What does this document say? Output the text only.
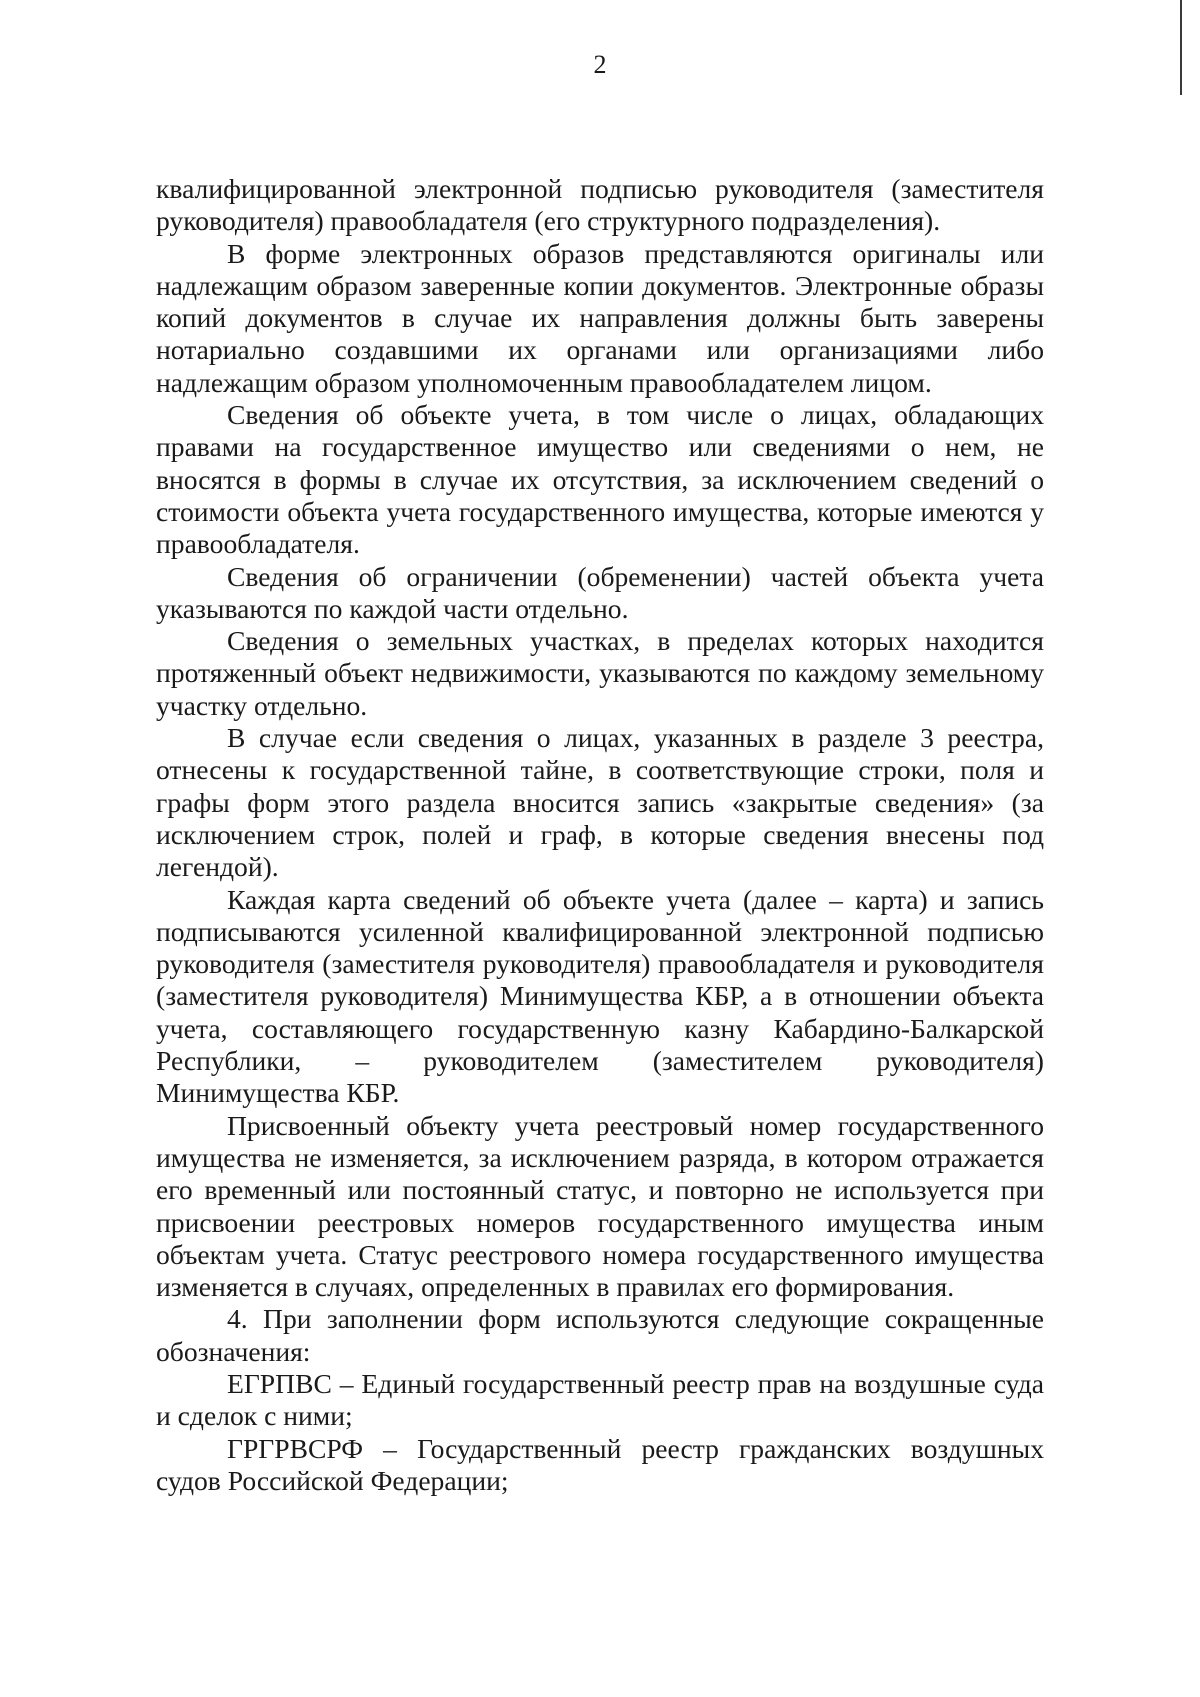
2

квалифицированной электронной подписью руководителя (заместителя руководителя) правообладателя (его структурного подразделения).

В форме электронных образов представляются оригиналы или надлежащим образом заверенные копии документов. Электронные образы копий документов в случае их направления должны быть заверены нотариально создавшими их органами или организациями либо надлежащим образом уполномоченным правообладателем лицом.

Сведения об объекте учета, в том числе о лицах, обладающих правами на государственное имущество или сведениями о нем, не вносятся в формы в случае их отсутствия, за исключением сведений о стоимости объекта учета государственного имущества, которые имеются у правообладателя.

Сведения об ограничении (обременении) частей объекта учета указываются по каждой части отдельно.

Сведения о земельных участках, в пределах которых находится протяженный объект недвижимости, указываются по каждому земельному участку отдельно.

В случае если сведения о лицах, указанных в разделе 3 реестра, отнесены к государственной тайне, в соответствующие строки, поля и графы форм этого раздела вносится запись «закрытые сведения» (за исключением строк, полей и граф, в которые сведения внесены под легендой).

Каждая карта сведений об объекте учета (далее – карта) и запись подписываются усиленной квалифицированной электронной подписью руководителя (заместителя руководителя) правообладателя и руководителя (заместителя руководителя) Минимущества КБР, а в отношении объекта учета, составляющего государственную казну Кабардино-Балкарской Республики, – руководителем (заместителем руководителя) Минимущества КБР.

Присвоенный объекту учета реестровый номер государственного имущества не изменяется, за исключением разряда, в котором отражается его временный или постоянный статус, и повторно не используется при присвоении реестровых номеров государственного имущества иным объектам учета. Статус реестрового номера государственного имущества изменяется в случаях, определенных в правилах его формирования.

4. При заполнении форм используются следующие сокращенные обозначения:

ЕГРПВС – Единый государственный реестр прав на воздушные суда и сделок с ними;

ГРГРВСРФ – Государственный реестр гражданских воздушных судов Российской Федерации;
